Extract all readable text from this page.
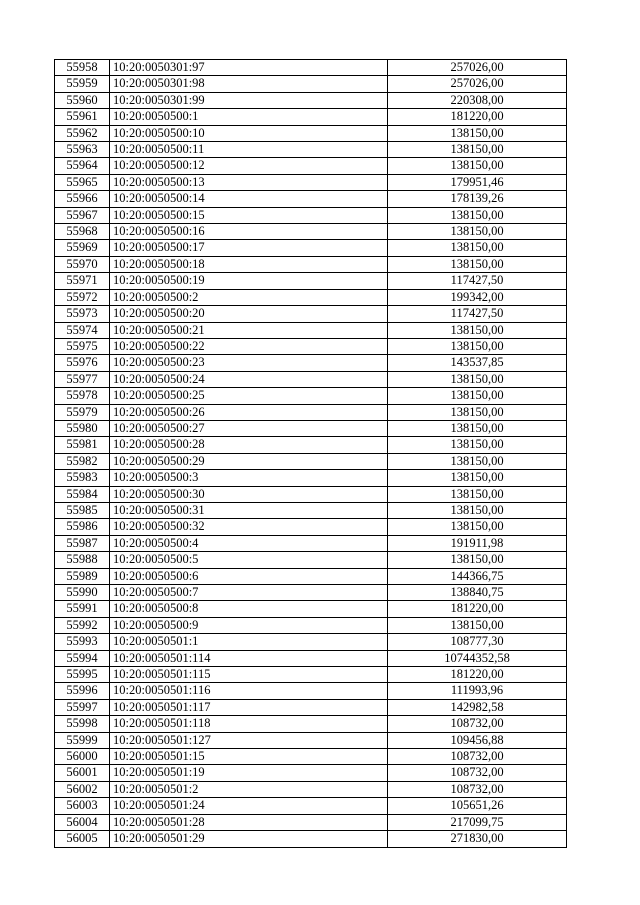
55958	10:20:0050301:97	257026,00
55959	10:20:0050301:98	257026,00
55960	10:20:0050301:99	220308,00
55961	10:20:0050500:1	181220,00
55962	10:20:0050500:10	138150,00
55963	10:20:0050500:11	138150,00
55964	10:20:0050500:12	138150,00
55965	10:20:0050500:13	179951,46
55966	10:20:0050500:14	178139,26
55967	10:20:0050500:15	138150,00
55968	10:20:0050500:16	138150,00
55969	10:20:0050500:17	138150,00
55970	10:20:0050500:18	138150,00
55971	10:20:0050500:19	117427,50
55972	10:20:0050500:2	199342,00
55973	10:20:0050500:20	117427,50
55974	10:20:0050500:21	138150,00
55975	10:20:0050500:22	138150,00
55976	10:20:0050500:23	143537,85
55977	10:20:0050500:24	138150,00
55978	10:20:0050500:25	138150,00
55979	10:20:0050500:26	138150,00
55980	10:20:0050500:27	138150,00
55981	10:20:0050500:28	138150,00
55982	10:20:0050500:29	138150,00
55983	10:20:0050500:3	138150,00
55984	10:20:0050500:30	138150,00
55985	10:20:0050500:31	138150,00
55986	10:20:0050500:32	138150,00
55987	10:20:0050500:4	191911,98
55988	10:20:0050500:5	138150,00
55989	10:20:0050500:6	144366,75
55990	10:20:0050500:7	138840,75
55991	10:20:0050500:8	181220,00
55992	10:20:0050500:9	138150,00
55993	10:20:0050501:1	108777,30
55994	10:20:0050501:114	10744352,58
55995	10:20:0050501:115	181220,00
55996	10:20:0050501:116	111993,96
55997	10:20:0050501:117	142982,58
55998	10:20:0050501:118	108732,00
55999	10:20:0050501:127	109456,88
56000	10:20:0050501:15	108732,00
56001	10:20:0050501:19	108732,00
56002	10:20:0050501:2	108732,00
56003	10:20:0050501:24	105651,26
56004	10:20:0050501:28	217099,75
56005	10:20:0050501:29	271830,00
